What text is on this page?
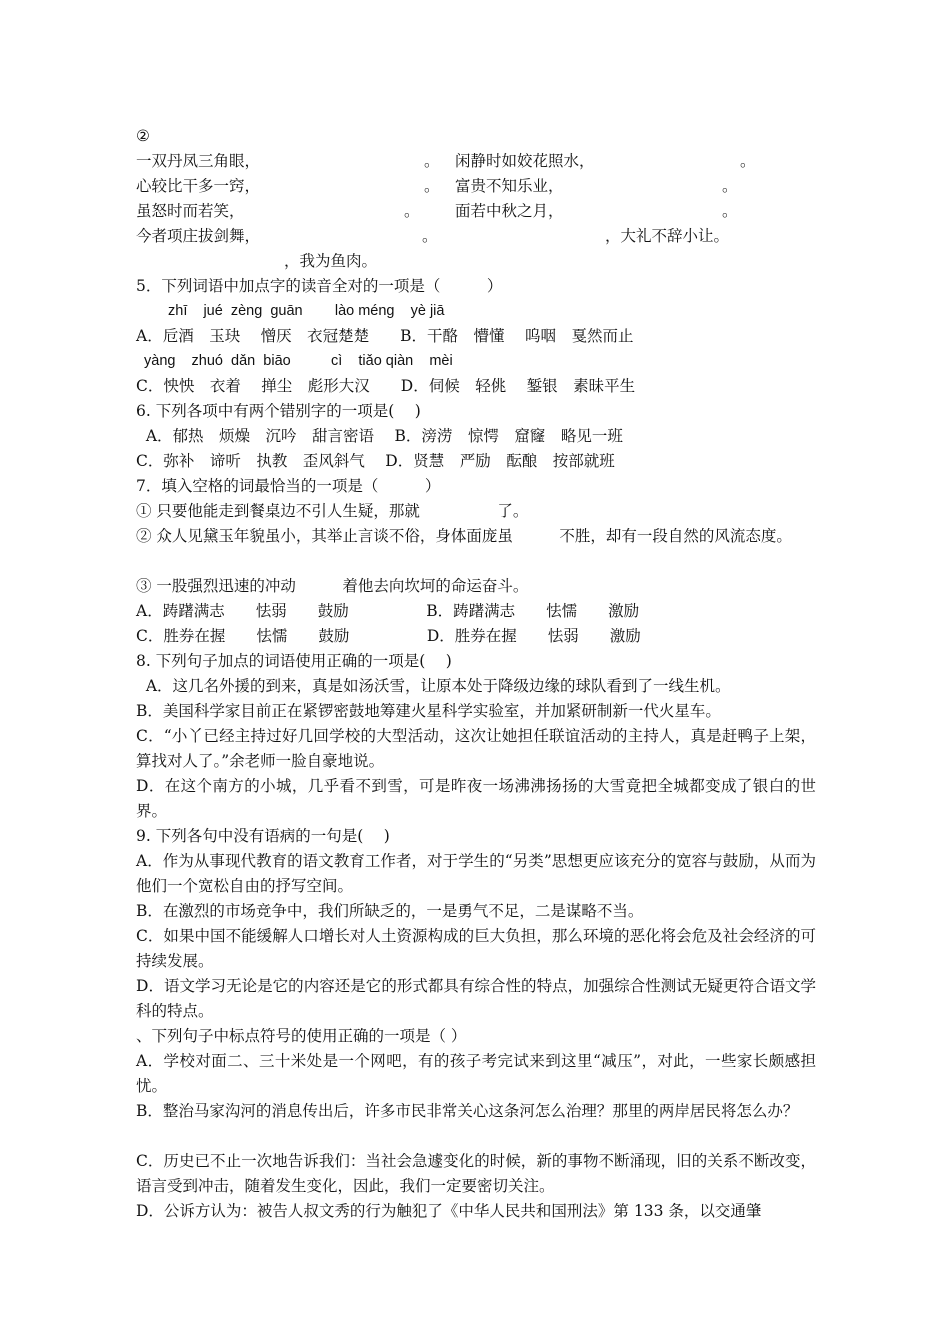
②
一双丹凤三角眼，	。 闲静时如姣花照水，	。
心较比干多一窍，	。 富贵不知乐业，	。
虽怒时而若笑，	。 面若中秋之月，	。
今者项庄拔剑舞，	。	，大礼不辞小让。
，我为鱼肉。
5．下列词语中加点字的读音全对的一项是（　　　）
zhī    jué  zèng  guān        lào méng    yè jiā
A．卮酒　玉玦　 憎厌　衣冠楚楚　　B．干酪　懵懂　 呜咽　戛然而止
yàng    zhuó  dǎn  biāo          cì    tiǎo qiàn    mèi
C．怏怏　衣着　 掸尘　彪形大汉　　D．伺候　轻佻　 錾银　素昧平生
6. 下列各项中有两个错别字的一项是(　 )
A．郁热　烦燥　沉吟　甜言密语　 B．滂涝　惊愕　窟窿　略见一班
C．弥补　谛听　执教　歪风斜气　 D．贤慧　严励　酝酿　按部就班
7．填入空格的词最恰当的一项是（　　　）
① 只要他能走到餐桌边不引人生疑，那就　　　　　了。
② 众人见黛玉年貌虽小，其举止言谈不俗，身体面庞虽　　　不胜，却有一段自然的风流态度。
③ 一股强烈迅速的冲动　　　着他去向坎坷的命运奋斗。
A．踌躇满志　　怯弱　　鼓励　　　　　B．踌躇满志　　怯懦　　激励
C．胜券在握　　怯懦　　鼓励　　　　　D．胜券在握　　怯弱　　激励
8. 下列句子加点的词语使用正确的一项是(　 )
A．这几名外援的到来，真是如汤沃雪，让原本处于降级边缘的球队看到了一线生机。
B．美国科学家目前正在紧锣密鼓地筹建火星科学实验室，并加紧研制新一代火星车。
C．“小丫已经主持过好几回学校的大型活动，这次让她担任联谊活动的主持人，真是赶鸭子上架，算找对人了。”余老师一脸自豪地说。
D．在这个南方的小城，几乎看不到雪，可是昨夜一场沸沸扬扬的大雪竟把全城都变成了银白的世界。
9. 下列各句中没有语病的一句是(　 )
A．作为从事现代教育的语文教育工作者，对于学生的“另类”思想更应该充分的宽容与鼓励，从而为他们一个宽松自由的抒写空间。
B．在激烈的市场竞争中，我们所缺乏的，一是勇气不足，二是谋略不当。
C．如果中国不能缓解人口增长对人土资源构成的巨大负担，那么环境的恶化将会危及社会经济的可持续发展。
D．语文学习无论是它的内容还是它的形式都具有综合性的特点，加强综合性测试无疑更符合语文学科的特点。
、下列句子中标点符号的使用正确的一项是（ ）
A．学校对面二、三十米处是一个网吧，有的孩子考完试来到这里“减压”，对此，一些家长颇感担忧。
B．整治马家沟河的消息传出后，许多市民非常关心这条河怎么治理？那里的两岸居民将怎么办？
C．历史已不止一次地告诉我们：当社会急遽变化的时候，新的事物不断涌现，旧的关系不断改变，语言受到冲击，随着发生变化，因此，我们一定要密切关注。
D．公诉方认为：被告人叔文秀的行为触犯了《中华人民共和国刑法》第 133 条，以交通肇
